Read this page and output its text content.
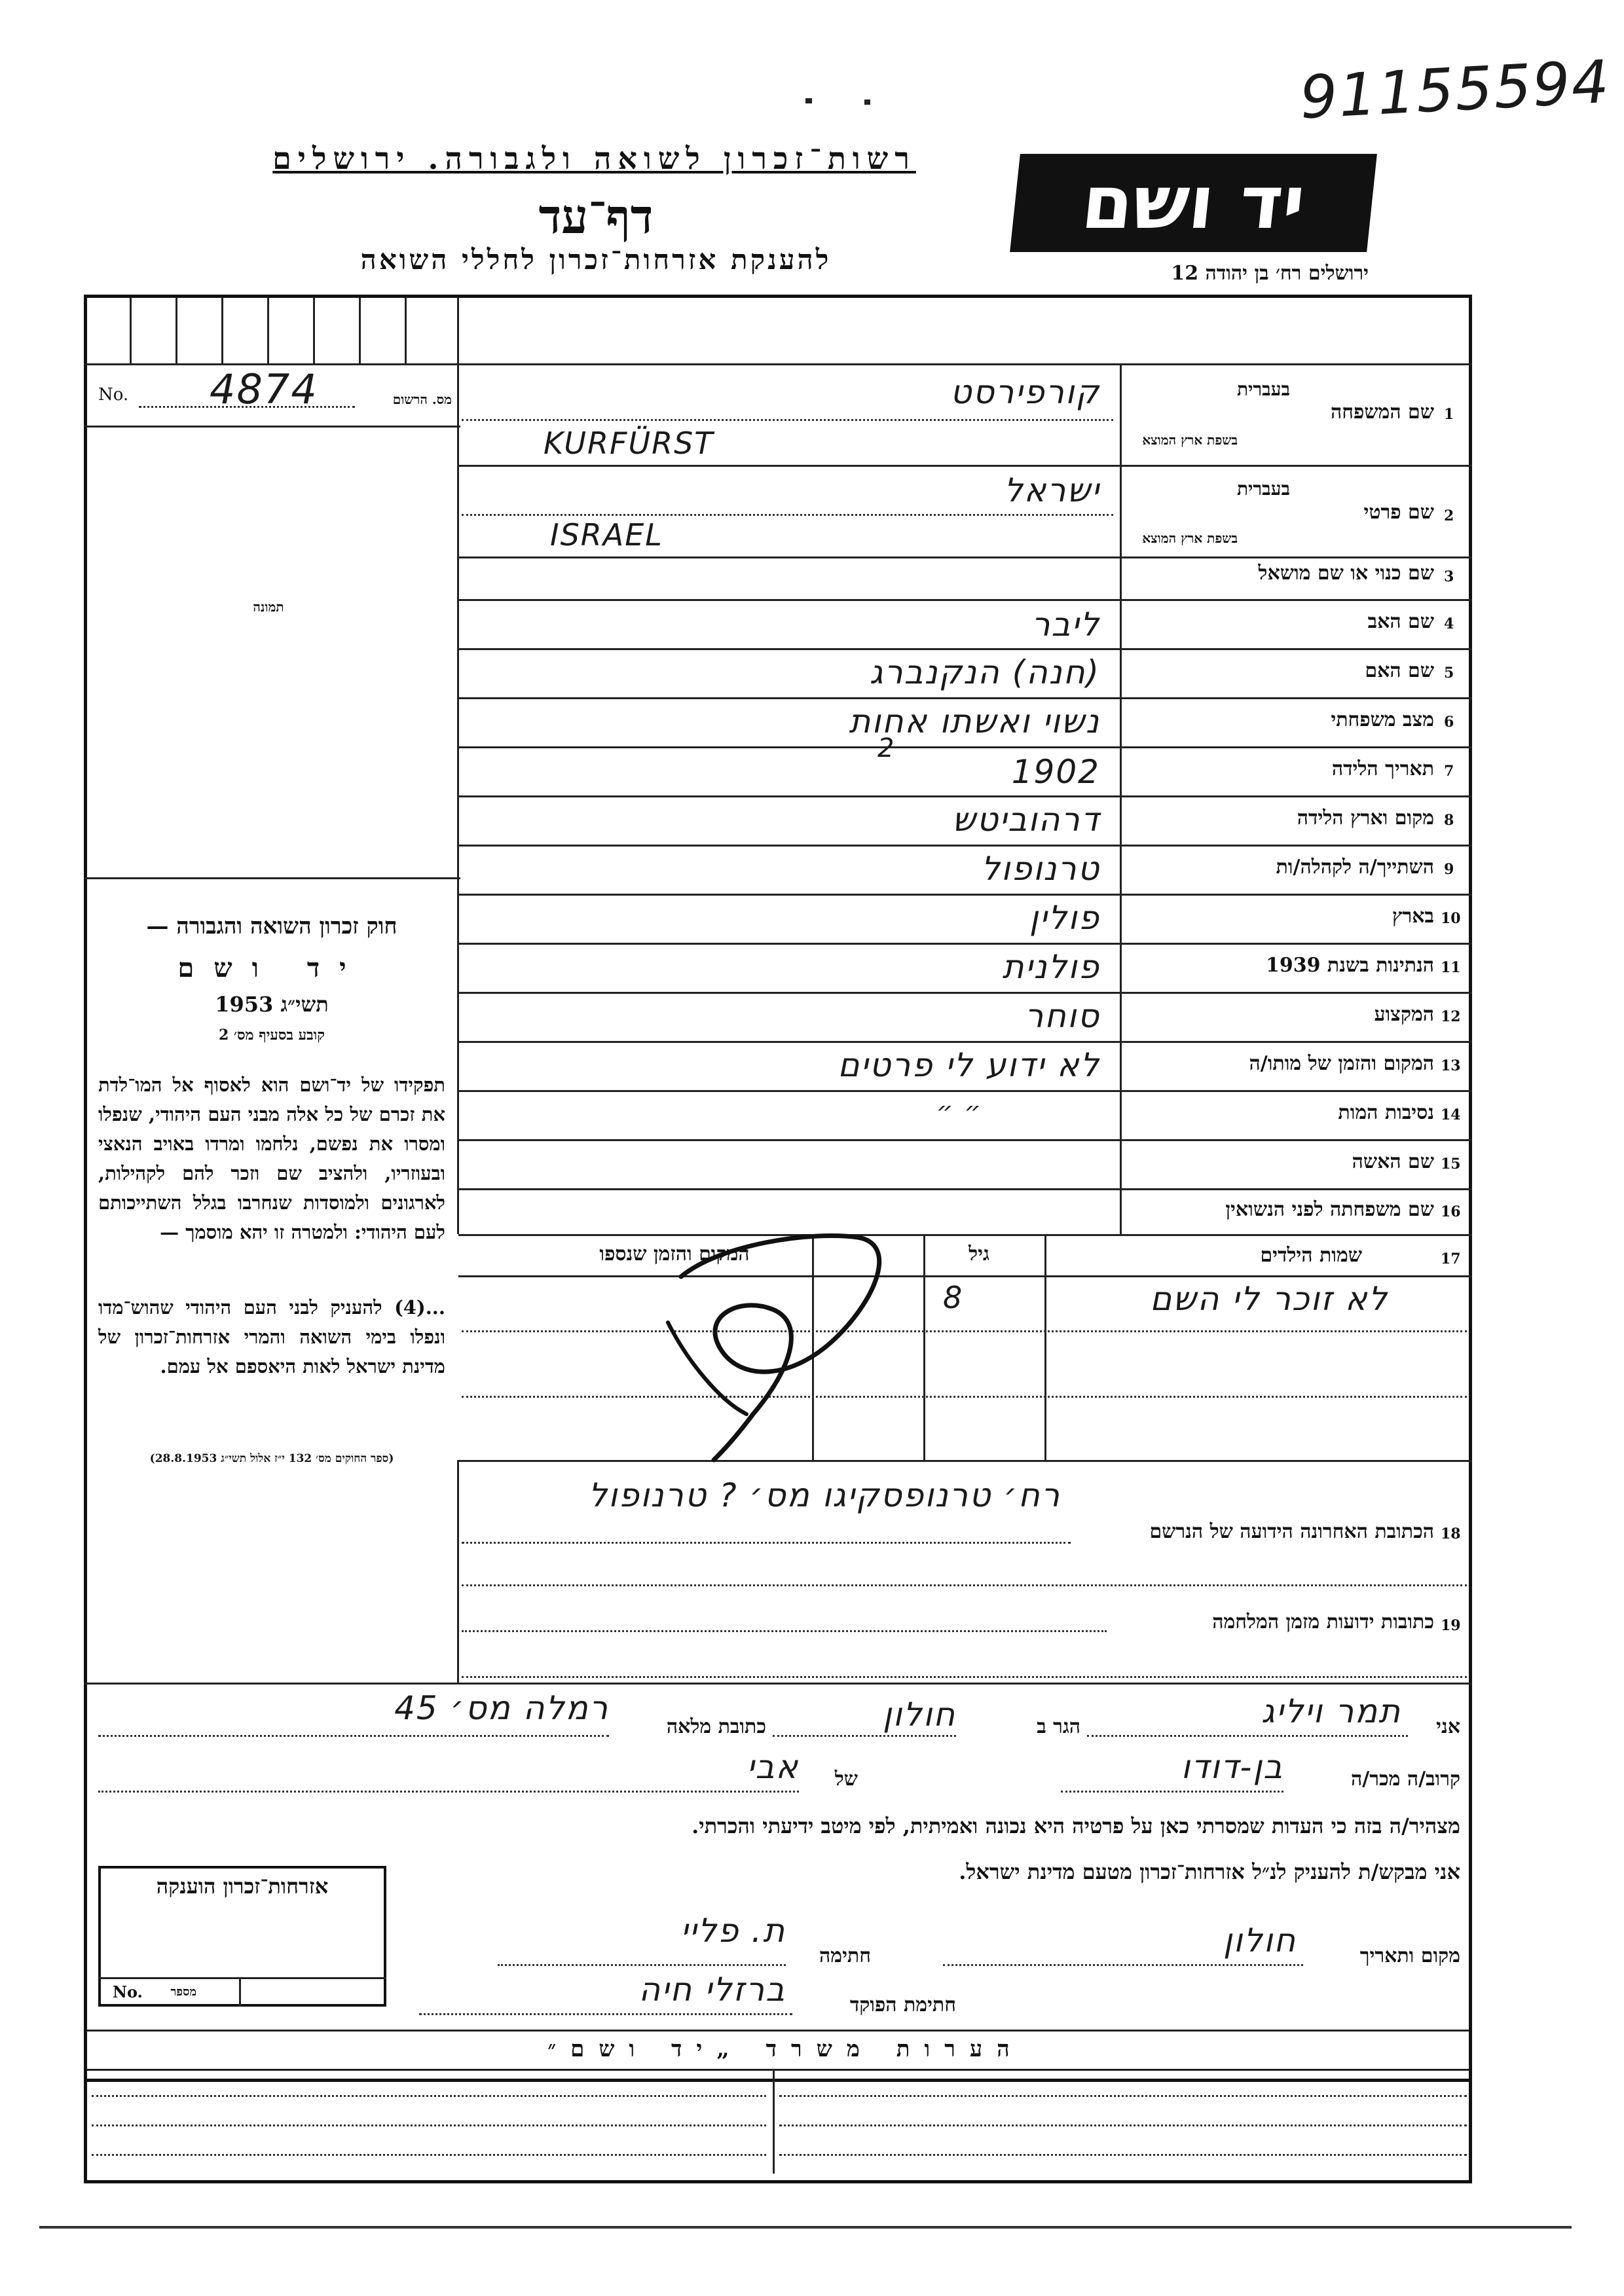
91155594
רשות־זכרון לשואה ולגבורה. ירושלים
דף־עד
להענקת אזרחות־זכרון לחללי השואה
יד ושם
ירושלים רח׳ בן יהודה 12
No. 4874	מס. הרשום
תמונה
חוק זכרון השואה והגבורה —
יד ושם
תשי״ג 1953
קובע בסעיף מס׳ 2
תפקידו של יד־ושם הוא לאסוף אל המו־לדת את זכרם של כל אלה מבני העם היהודי, שנפלו ומסרו את נפשם, נלחמו ומרדו באויב הנאצי ובעוזריו, ולהציב שם וזכר להם לקהילות, לארגונים ולמוסדות שנחרבו בגלל השתייכותם לעם היהודי: ולמטרה זו יהא מוסמך —
...(4) להעניק לבני העם היהודי שהוש־מדו ונפלו בימי השואה והמרי אזרחות־זכרון של מדינת ישראל לאות היאספם אל עמם.
(ספר החוקים מס׳ 132 י״ז אלול תשי״ג 28.8.1953)
1
שם המשפחה
בעברית
בשפת ארץ המוצא
קורפירסט
KURFÜRST
2
שם פרטי
בעברית
בשפת ארץ המוצא
ישראל
ISRAEL
3
שם כנוי או שם מושאל
4
שם האב
ליבר
5
שם האם
(חנה) הנקנברג
6
מצב משפחתי
נשוי ואשתו אחות
7
תאריך הלידה
2
1902
8
מקום וארץ הלידה
דרהוביטש
9
השתייך/ה לקהלה/ות
טרנופול
10
בארץ
פולין
11
הנתינות בשנת 1939
פולנית
12
המקצוע
סוחר
13
המקום והזמן של מותו/ה
לא ידוע לי פרטים
14
נסיבות המות
״ ״
15
שם האשה
16
שם משפחתה לפני הנשואין
17
שמות הילדים
גיל
המקום והזמן שנספו
לא זוכר לי השם
8
18
הכתובת האחרונה הידועה של הנרשם
רח׳ טרנופסקיגו מס׳ ? טרנופול
19
כתובות ידועות מזמן המלחמה
אני
תמר ויליג
הגר ב
חולון
כתובת מלאה
רמלה מס׳ 45
קרוב/ה מכר/ה
בן-דודו
של
אבי
מצהיר/ה בזה כי העדות שמסרתי כאן על פרטיה היא נכונה ואמיתית, לפי מיטב ידיעתי והכרתי.
אני מבקש/ת להעניק לנ״ל אזרחות־זכרון מטעם מדינת ישראל.
מקום ותאריך
חולון
חתימה
ת. פליי
חתימת הפוקד
ברזלי חיה
אזרחות־זכרון הוענקה
No.	מספר
הערות משרד „יד ושם״
